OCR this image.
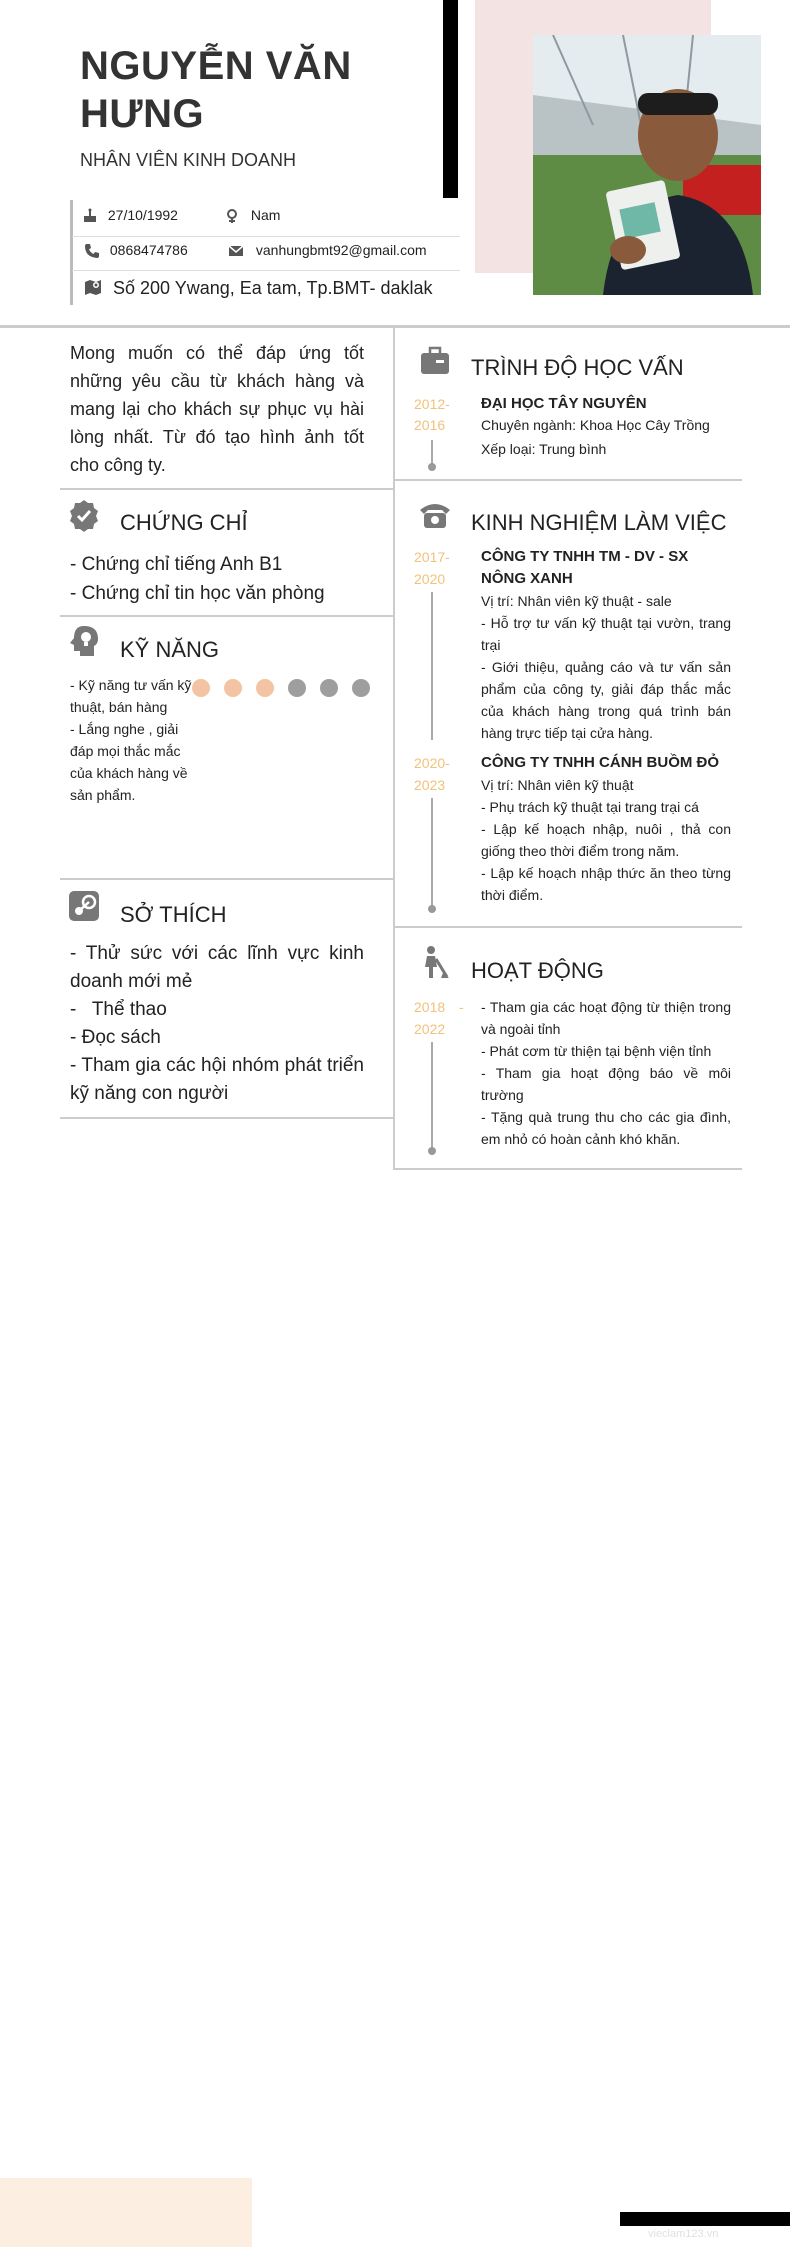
NGUYỄN VĂN HƯNG
NHÂN VIÊN KINH DOANH
27/10/1992	Nam
0868474786	vanhungbmt92@gmail.com
Số 200 Ywang, Ea tam, Tp.BMT- daklak
Mong muốn có thể đáp ứng tốt những yêu cầu từ khách hàng và mang lại cho khách sự phục vụ hài lòng nhất. Từ đó tạo hình ảnh tốt cho công ty.
CHỨNG CHỈ
- Chứng chỉ tiếng Anh B1
- Chứng chỉ tin học văn phòng
KỸ NĂNG
- Kỹ năng tư vấn kỹ thuật, bán hàng
- Lắng nghe , giải đáp mọi thắc mắc của khách hàng về sản phẩm.
SỞ THÍCH
- Thử sức với các lĩnh vực kinh doanh mới mẻ
-   Thể thao
- Đọc sách
- Tham gia các hội nhóm phát triển kỹ năng con người
TRÌNH ĐỘ HỌC VẤN
2012-
2016
ĐẠI HỌC TÂY NGUYÊN
Chuyên ngành: Khoa Học Cây Trồng
Xếp loại: Trung bình
KINH NGHIỆM LÀM VIỆC
2017-
2020
CÔNG TY TNHH TM - DV - SX NÔNG XANH
Vị trí: Nhân viên kỹ thuật - sale
- Hỗ trợ tư vấn kỹ thuật tại vườn, trang trại
- Giới thiệu, quảng cáo và tư vấn sản phẩm của công ty, giải đáp thắc mắc của khách hàng trong quá trình bán hàng trực tiếp tại cửa hàng.
2020-
2023
CÔNG TY TNHH CÁNH BUỒM ĐỎ
Vị trí: Nhân viên kỹ thuật
- Phụ trách kỹ thuật tại trang trại cá
- Lập kế hoạch nhập, nuôi , thả con giống theo thời điểm trong năm.
- Lập kế hoạch nhập thức ăn theo từng thời điểm.
HOẠT ĐỘNG
2018 -
2022
- Tham gia các hoạt động từ thiện trong và ngoài tỉnh
- Phát cơm từ thiện tại bệnh viện tỉnh
- Tham gia hoạt động báo về môi trường
- Tặng quà trung thu cho các gia đình, em nhỏ có hoàn cảnh khó khăn.
vieclam123.vn
